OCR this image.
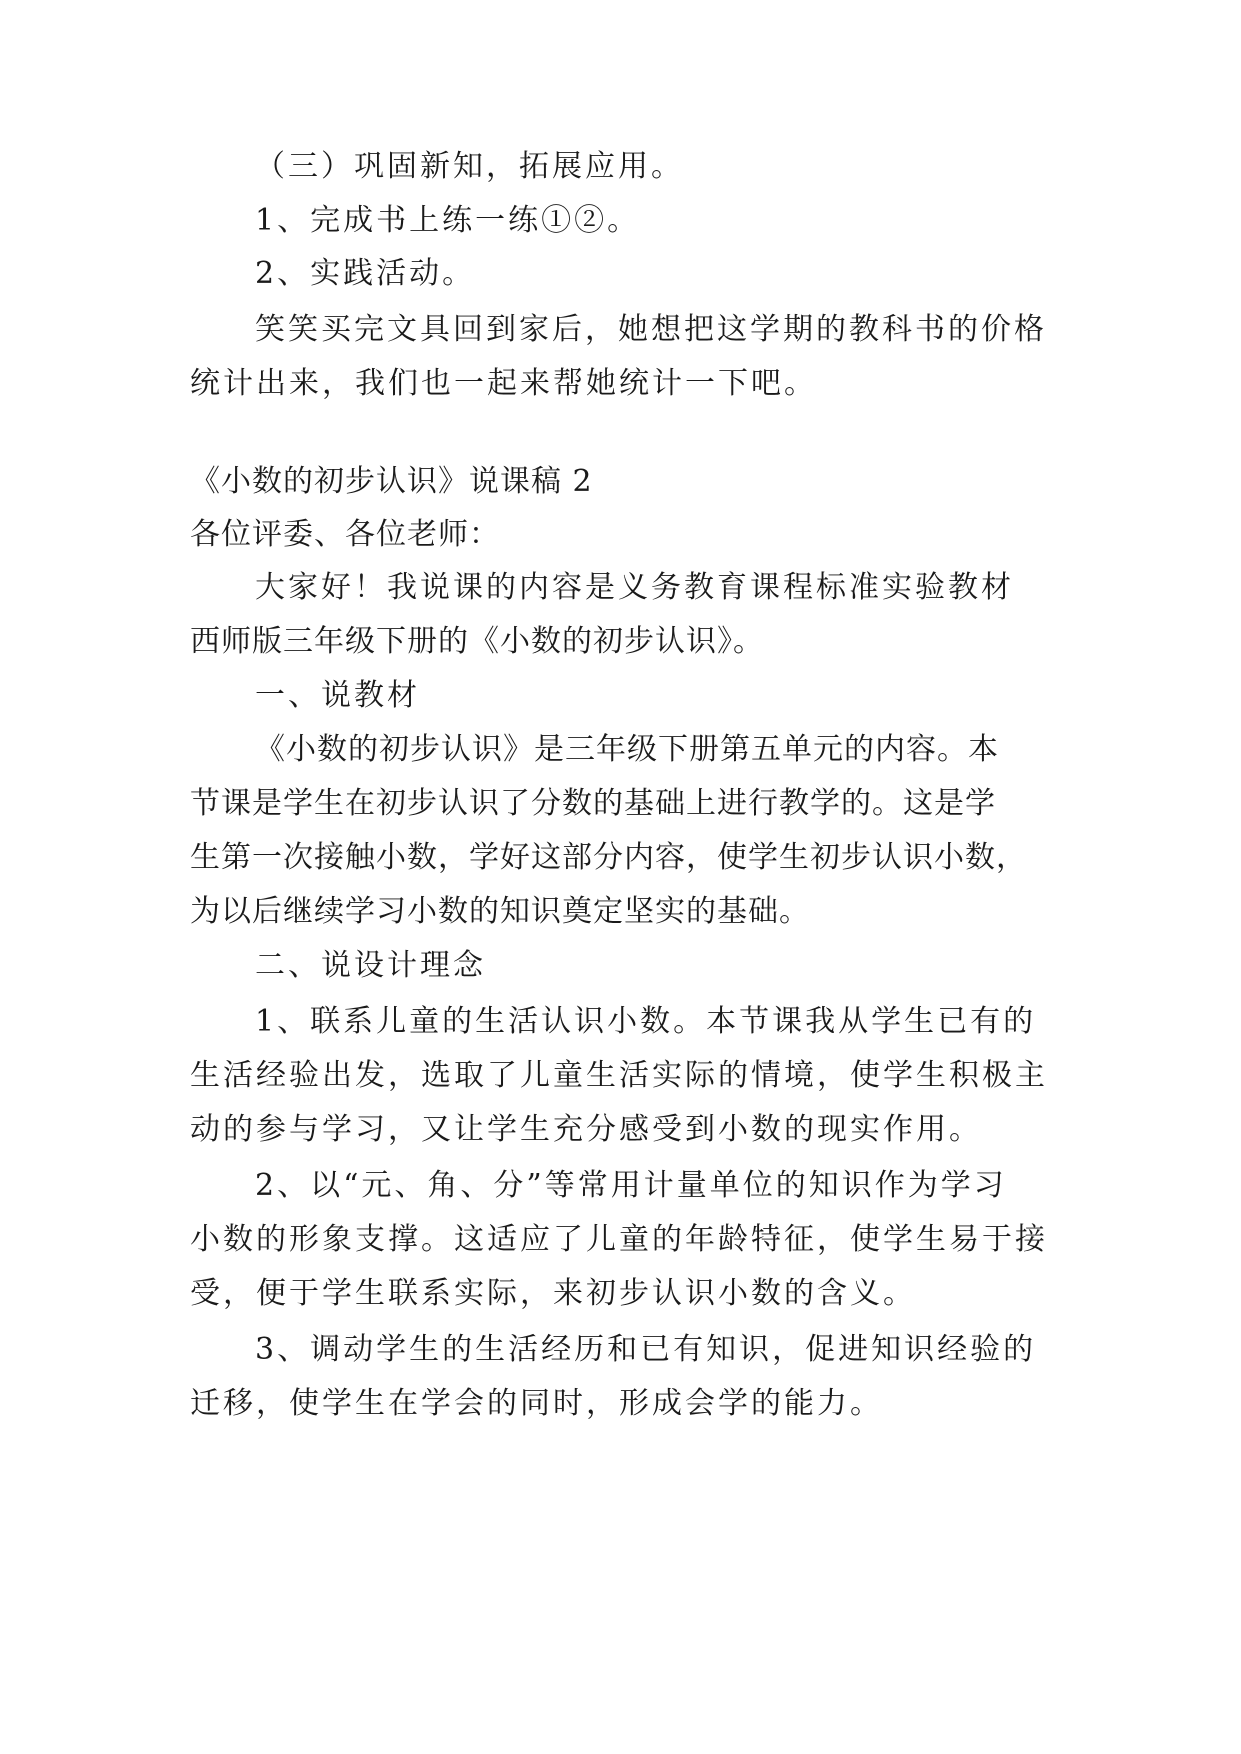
（三）巩固新知，拓展应用。
1、完成书上练一练①②。
2、实践活动。
笑笑买完文具回到家后，她想把这学期的教科书的价格
统计出来，我们也一起来帮她统计一下吧。
《小数的初步认识》说课稿 2
各位评委、各位老师：
大家好！我说课的内容是义务教育课程标准实验教材
西师版三年级下册的《小数的初步认识》。
一、说教材
《小数的初步认识》是三年级下册第五单元的内容。本
节课是学生在初步认识了分数的基础上进行教学的。这是学
生第一次接触小数，学好这部分内容，使学生初步认识小数，
为以后继续学习小数的知识奠定坚实的基础。
二、说设计理念
1、联系儿童的生活认识小数。本节课我从学生已有的
生活经验出发，选取了儿童生活实际的情境，使学生积极主
动的参与学习，又让学生充分感受到小数的现实作用。
2、以“元、角、分”等常用计量单位的知识作为学习
小数的形象支撑。这适应了儿童的年龄特征，使学生易于接
受，便于学生联系实际，来初步认识小数的含义。
3、调动学生的生活经历和已有知识，促进知识经验的
迁移，使学生在学会的同时，形成会学的能力。
